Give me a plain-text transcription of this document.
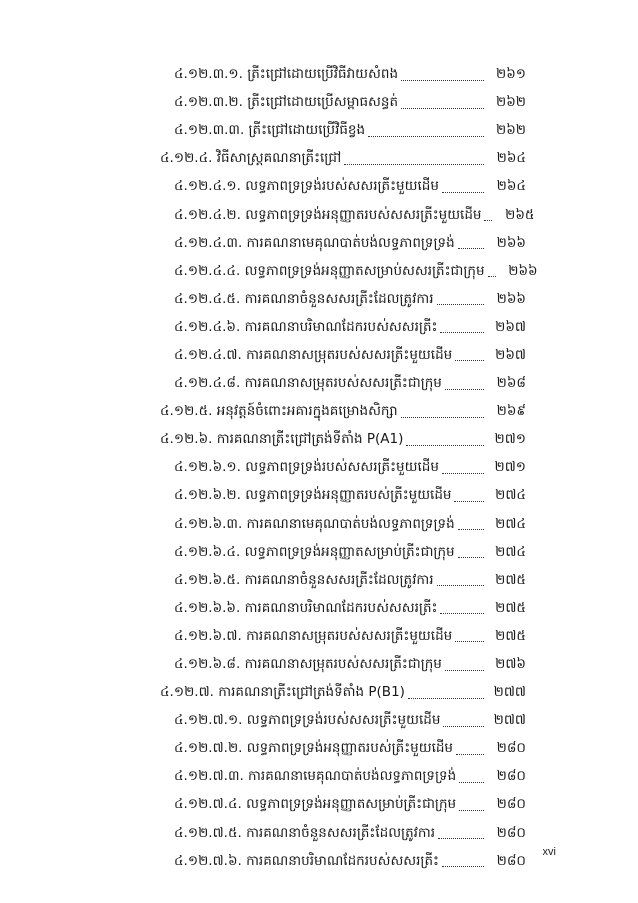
៤.១២.៣.១. ត្រីះជ្រៅដោយប្រើវិធីវាយសំពង	២៦១
៤.១២.៣.២. ត្រីះជ្រៅដោយប្រើសម្ពាធសន្ធត់	២៦២
៤.១២.៣.៣. ត្រីះជ្រៅដោយប្រើវិធីខ្វង	២៦២
៤.១២.៤. វិធីសាស្ត្រគណនាត្រីះជ្រៅ	២៦៤
៤.១២.៤.១. លទ្ធភាពទ្រទ្រង់របស់សសរត្រីះមួយដើម	២៦៤
៤.១២.៤.២. លទ្ធភាពទ្រទ្រង់អនុញ្ញាតរបស់សសរត្រីះមួយដើម	២៦៥
៤.១២.៤.៣. ការគណនាមេគុណបាត់បង់លទ្ធភាពទ្រទ្រង់	២៦៦
៤.១២.៤.៤. លទ្ធភាពទ្រទ្រង់អនុញ្ញាតសម្រាប់សសរត្រីះជាក្រុម	២៦៦
៤.១២.៤.៥. ការគណនាចំនួនសសរត្រីះដែលត្រូវការ	២៦៦
៤.១២.៤.៦. ការគណនាបរិមាណដែករបស់សសរត្រីះ	២៦៧
៤.១២.៤.៧. ការគណនាសម្រុតរបស់សសរត្រីះមួយដើម	២៦៧
៤.១២.៤.៨. ការគណនាសម្រុតរបស់សសរត្រីះជាក្រុម	២៦៨
៤.១២.៥. អនុវត្តន៍ចំពោះអគារក្នុងគម្រោងសិក្សា	២៦៩
៤.១២.៦. ការគណនាត្រីះជ្រៅត្រង់ទីតាំង P(A1)	២៧១
៤.១២.៦.១. លទ្ធភាពទ្រទ្រង់របស់សសរត្រីះមួយដើម	២៧១
៤.១២.៦.២. លទ្ធភាពទ្រទ្រង់អនុញ្ញាតរបស់ត្រីះមួយដើម	២៧៤
៤.១២.៦.៣. ការគណនាមេគុណបាត់បង់លទ្ធភាពទ្រទ្រង់	២៧៤
៤.១២.៦.៤. លទ្ធភាពទ្រទ្រង់អនុញ្ញាតសម្រាប់ត្រីះជាក្រុម	២៧៤
៤.១២.៦.៥. ការគណនាចំនួនសសរត្រីះដែលត្រូវការ	២៧៥
៤.១២.៦.៦. ការគណនាបរិមាណដែករបស់សសរត្រីះ	២៧៥
៤.១២.៦.៧. ការគណនាសម្រុតរបស់សសរត្រីះមួយដើម	២៧៥
៤.១២.៦.៨. ការគណនាសម្រុតរបស់សសរត្រីះជាក្រុម	២៧៦
៤.១២.៧. ការគណនាត្រីះជ្រៅត្រង់ទីតាំង P(B1)	២៧៧
៤.១២.៧.១. លទ្ធភាពទ្រទ្រង់របស់សសរត្រីះមួយដើម	២៧៧
៤.១២.៧.២. លទ្ធភាពទ្រទ្រង់អនុញ្ញាតរបស់ត្រីះមួយដើម	២៨០
៤.១២.៧.៣. ការគណនាមេគុណបាត់បង់លទ្ធភាពទ្រទ្រង់	២៨០
៤.១២.៧.៤. លទ្ធភាពទ្រទ្រង់អនុញ្ញាតសម្រាប់ត្រីះជាក្រុម	២៨០
៤.១២.៧.៥. ការគណនាចំនួនសសរត្រីះដែលត្រូវការ	២៨០
៤.១២.៧.៦. ការគណនាបរិមាណដែករបស់សសរត្រីះ	២៨០
xvi
